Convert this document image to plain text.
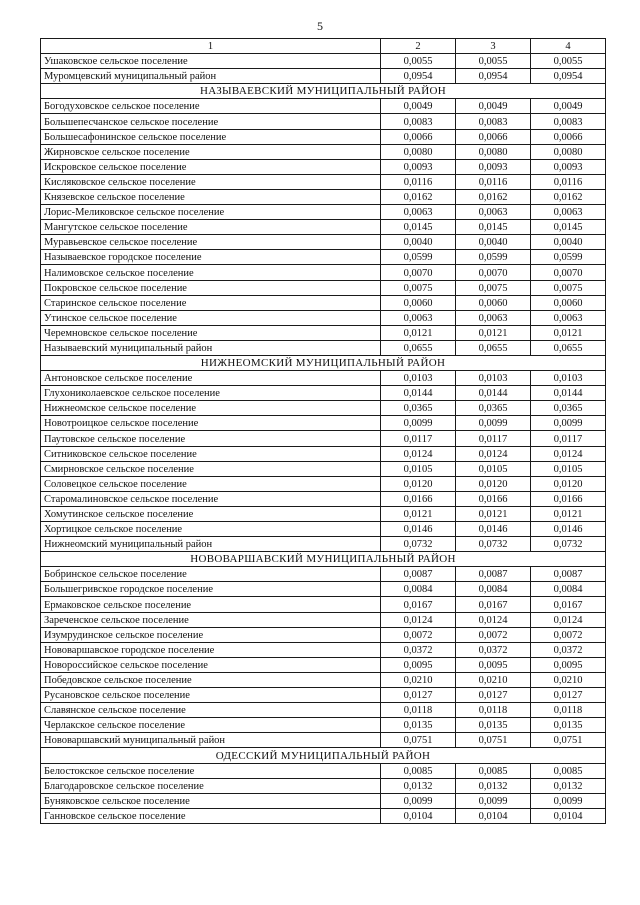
5
1	2	3	4
Ушаковское сельское поселение	0,0055	0,0055	0,0055
Муромцевский муниципальный район	0,0954	0,0954	0,0954
НАЗЫВАЕВСКИЙ МУНИЦИПАЛЬНЫЙ РАЙОН			
Богодуховское сельское поселение	0,0049	0,0049	0,0049
Большепесчанское сельское поселение	0,0083	0,0083	0,0083
Большесафонинское сельское поселение	0,0066	0,0066	0,0066
Жирновское сельское поселение	0,0080	0,0080	0,0080
Искровское сельское поселение	0,0093	0,0093	0,0093
Кисляковское сельское поселение	0,0116	0,0116	0,0116
Князевское сельское поселение	0,0162	0,0162	0,0162
Лорис-Меликовское сельское поселение	0,0063	0,0063	0,0063
Мангутское сельское поселение	0,0145	0,0145	0,0145
Муравьевское сельское поселение	0,0040	0,0040	0,0040
Называевское городское поселение	0,0599	0,0599	0,0599
Налимовское сельское поселение	0,0070	0,0070	0,0070
Покровское сельское поселение	0,0075	0,0075	0,0075
Старинское сельское поселение	0,0060	0,0060	0,0060
Утинское сельское поселение	0,0063	0,0063	0,0063
Черемновское сельское поселение	0,0121	0,0121	0,0121
Называевский муниципальный район	0,0655	0,0655	0,0655
НИЖНЕОМСКИЙ МУНИЦИПАЛЬНЫЙ РАЙОН			
Антоновское сельское поселение	0,0103	0,0103	0,0103
Глухониколаевское сельское поселение	0,0144	0,0144	0,0144
Нижнеомское сельское поселение	0,0365	0,0365	0,0365
Новотроицкое сельское поселение	0,0099	0,0099	0,0099
Паутовское сельское поселение	0,0117	0,0117	0,0117
Ситниковское сельское поселение	0,0124	0,0124	0,0124
Смирновское сельское поселение	0,0105	0,0105	0,0105
Соловецкое сельское поселение	0,0120	0,0120	0,0120
Старомалиновское сельское поселение	0,0166	0,0166	0,0166
Хомутинское сельское поселение	0,0121	0,0121	0,0121
Хортицкое сельское поселение	0,0146	0,0146	0,0146
Нижнеомский муниципальный район	0,0732	0,0732	0,0732
НОВОВАРШАВСКИЙ МУНИЦИПАЛЬНЫЙ РАЙОН			
Бобринское сельское поселение	0,0087	0,0087	0,0087
Большегривское городское поселение	0,0084	0,0084	0,0084
Ермаковское сельское поселение	0,0167	0,0167	0,0167
Зареченское сельское поселение	0,0124	0,0124	0,0124
Изумрудинское сельское поселение	0,0072	0,0072	0,0072
Нововаршавское городское поселение	0,0372	0,0372	0,0372
Новороссийское сельское поселение	0,0095	0,0095	0,0095
Победовское сельское поселение	0,0210	0,0210	0,0210
Русановское сельское поселение	0,0127	0,0127	0,0127
Славянское сельское поселение	0,0118	0,0118	0,0118
Черлакское сельское поселение	0,0135	0,0135	0,0135
Нововаршавский муниципальный район	0,0751	0,0751	0,0751
ОДЕССКИЙ МУНИЦИПАЛЬНЫЙ РАЙОН			
Белостокское сельское поселение	0,0085	0,0085	0,0085
Благодаровское сельское поселение	0,0132	0,0132	0,0132
Буняковское сельское поселение	0,0099	0,0099	0,0099
Ганновское сельское поселение	0,0104	0,0104	0,0104
